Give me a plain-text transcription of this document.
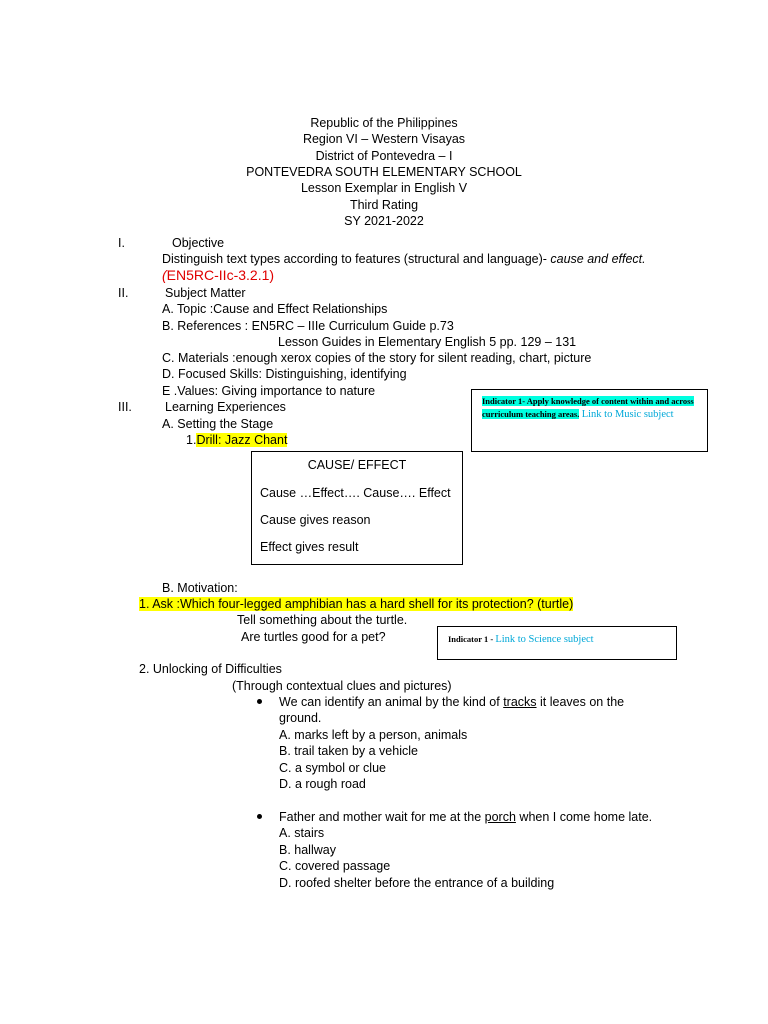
Republic of the Philippines
Region VI – Western Visayas
District of Pontevedra – I
PONTEVEDRA SOUTH ELEMENTARY SCHOOL
Lesson Exemplar in English V
Third Rating
SY 2021-2022
I.	Objective
Distinguish text types according to features (structural and language)- cause and effect.
(EN5RC-IIc-3.2.1)
II.	Subject Matter
A. Topic :Cause and Effect Relationships
B. References : EN5RC – IIIe Curriculum Guide p.73
Lesson Guides in Elementary English 5 pp. 129 – 131
C. Materials :enough xerox copies of the story for silent reading, chart, picture
D. Focused Skills: Distinguishing, identifying
E .Values: Giving importance to nature
III.	Learning Experiences
A. Setting the Stage
1.Drill: Jazz Chant
Indicator 1- Apply knowledge of content within and across curriculum teaching areas. Link to Music subject
CAUSE/ EFFECT
Cause …Effect…. Cause…. Effect
Cause gives reason
Effect gives result
B. Motivation:
1. Ask :Which four-legged amphibian has a hard shell for its protection? (turtle)
Tell something about the turtle.
Are turtles good for a pet?	Indicator 1 - Link to Science subject
2. Unlocking of Difficulties
(Through contextual clues and pictures)
We can identify an animal by the kind of tracks it leaves on the
ground.
A. marks left by a person, animals
B. trail taken by a vehicle
C. a symbol or clue
D. a rough road
Father and mother wait for me at the porch when I come home late.
A. stairs
B. hallway
C. covered passage
D. roofed shelter before the entrance of a building
